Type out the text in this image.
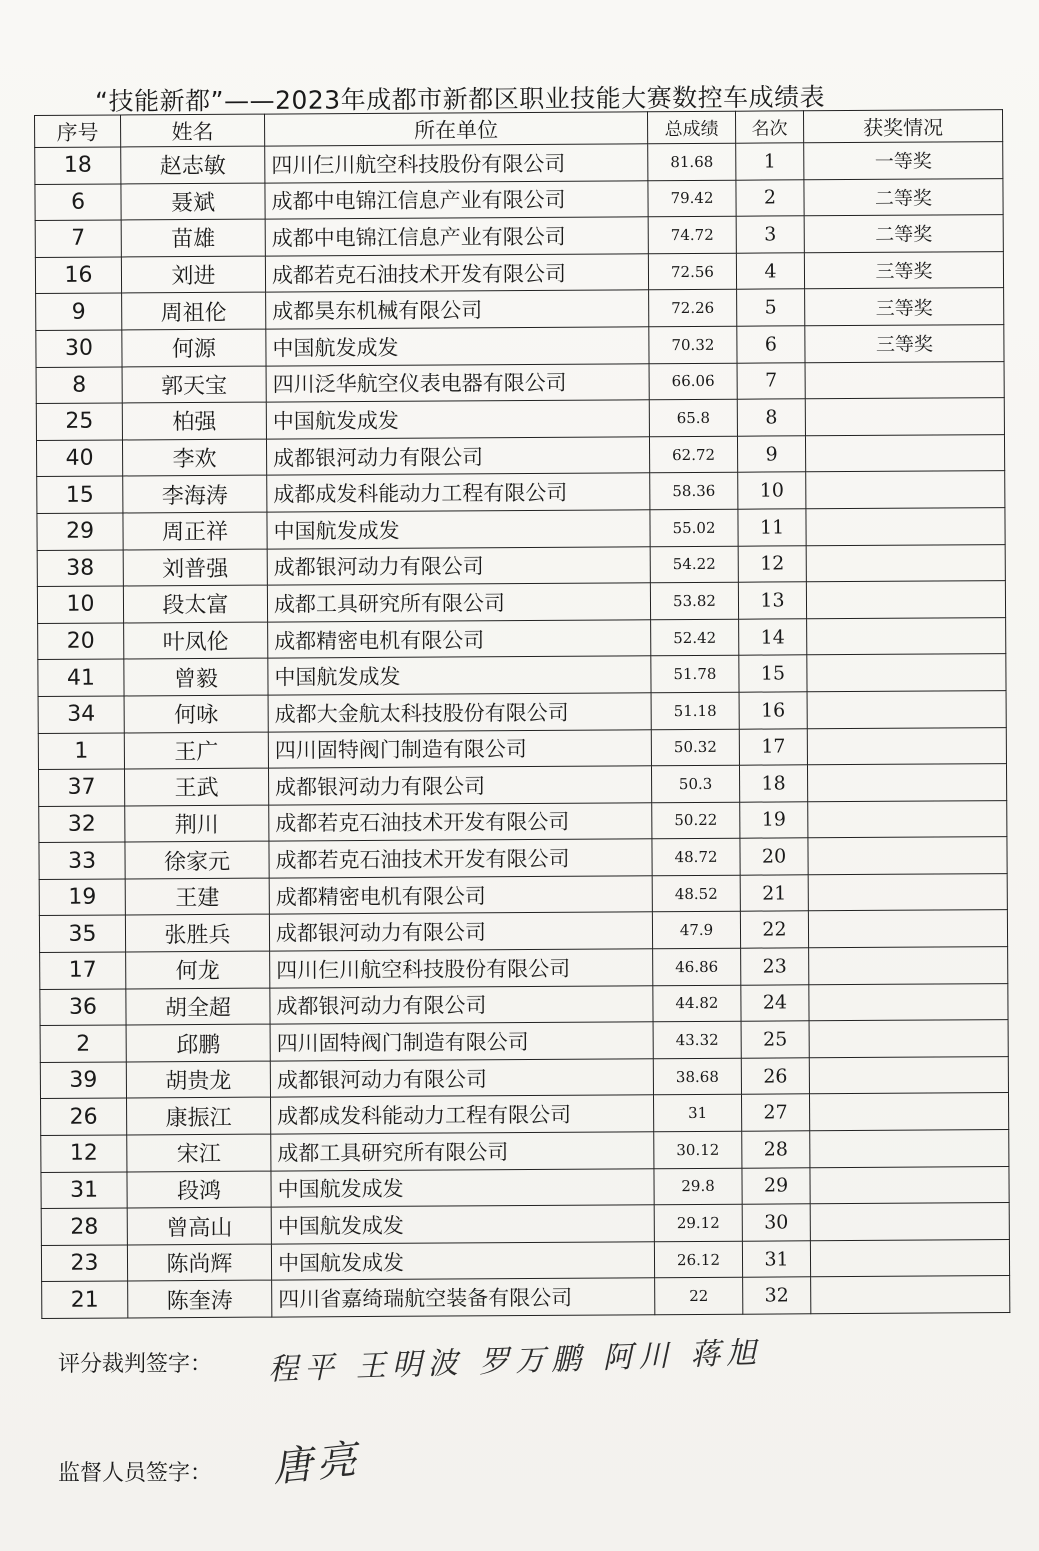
“技能新都”——2023年成都市新都区职业技能大赛数控车成绩表
序号	姓名	所在单位	总成绩	名次	获奖情况
18	赵志敏	四川仨川航空科技股份有限公司	81.68	1	一等奖
6	聂斌	成都中电锦江信息产业有限公司	79.42	2	二等奖
7	苗雄	成都中电锦江信息产业有限公司	74.72	3	二等奖
16	刘进	成都若克石油技术开发有限公司	72.56	4	三等奖
9	周祖伦	成都昊东机械有限公司	72.26	5	三等奖
30	何源	中国航发成发	70.32	6	三等奖
8	郭天宝	四川泛华航空仪表电器有限公司	66.06	7	
25	柏强	中国航发成发	65.8	8	
40	李欢	成都银河动力有限公司	62.72	9	
15	李海涛	成都成发科能动力工程有限公司	58.36	10	
29	周正祥	中国航发成发	55.02	11	
38	刘普强	成都银河动力有限公司	54.22	12	
10	段太富	成都工具研究所有限公司	53.82	13	
20	叶凤伦	成都精密电机有限公司	52.42	14	
41	曾毅	中国航发成发	51.78	15	
34	何咏	成都大金航太科技股份有限公司	51.18	16	
1	王广	四川固特阀门制造有限公司	50.32	17	
37	王武	成都银河动力有限公司	50.3	18	
32	荆川	成都若克石油技术开发有限公司	50.22	19	
33	徐家元	成都若克石油技术开发有限公司	48.72	20	
19	王建	成都精密电机有限公司	48.52	21	
35	张胜兵	成都银河动力有限公司	47.9	22	
17	何龙	四川仨川航空科技股份有限公司	46.86	23	
36	胡全超	成都银河动力有限公司	44.82	24	
2	邱鹏	四川固特阀门制造有限公司	43.32	25	
39	胡贵龙	成都银河动力有限公司	38.68	26	
26	康振江	成都成发科能动力工程有限公司	31	27	
12	宋江	成都工具研究所有限公司	30.12	28	
31	段鸿	中国航发成发	29.8	29	
28	曾高山	中国航发成发	29.12	30	
23	陈尚辉	中国航发成发	26.12	31	
21	陈奎涛	四川省嘉绮瑞航空装备有限公司	22	32	
评分裁判签字： 程平 王明波 罗万鹏 阿川 蒋旭
监督人员签字： 唐亮
